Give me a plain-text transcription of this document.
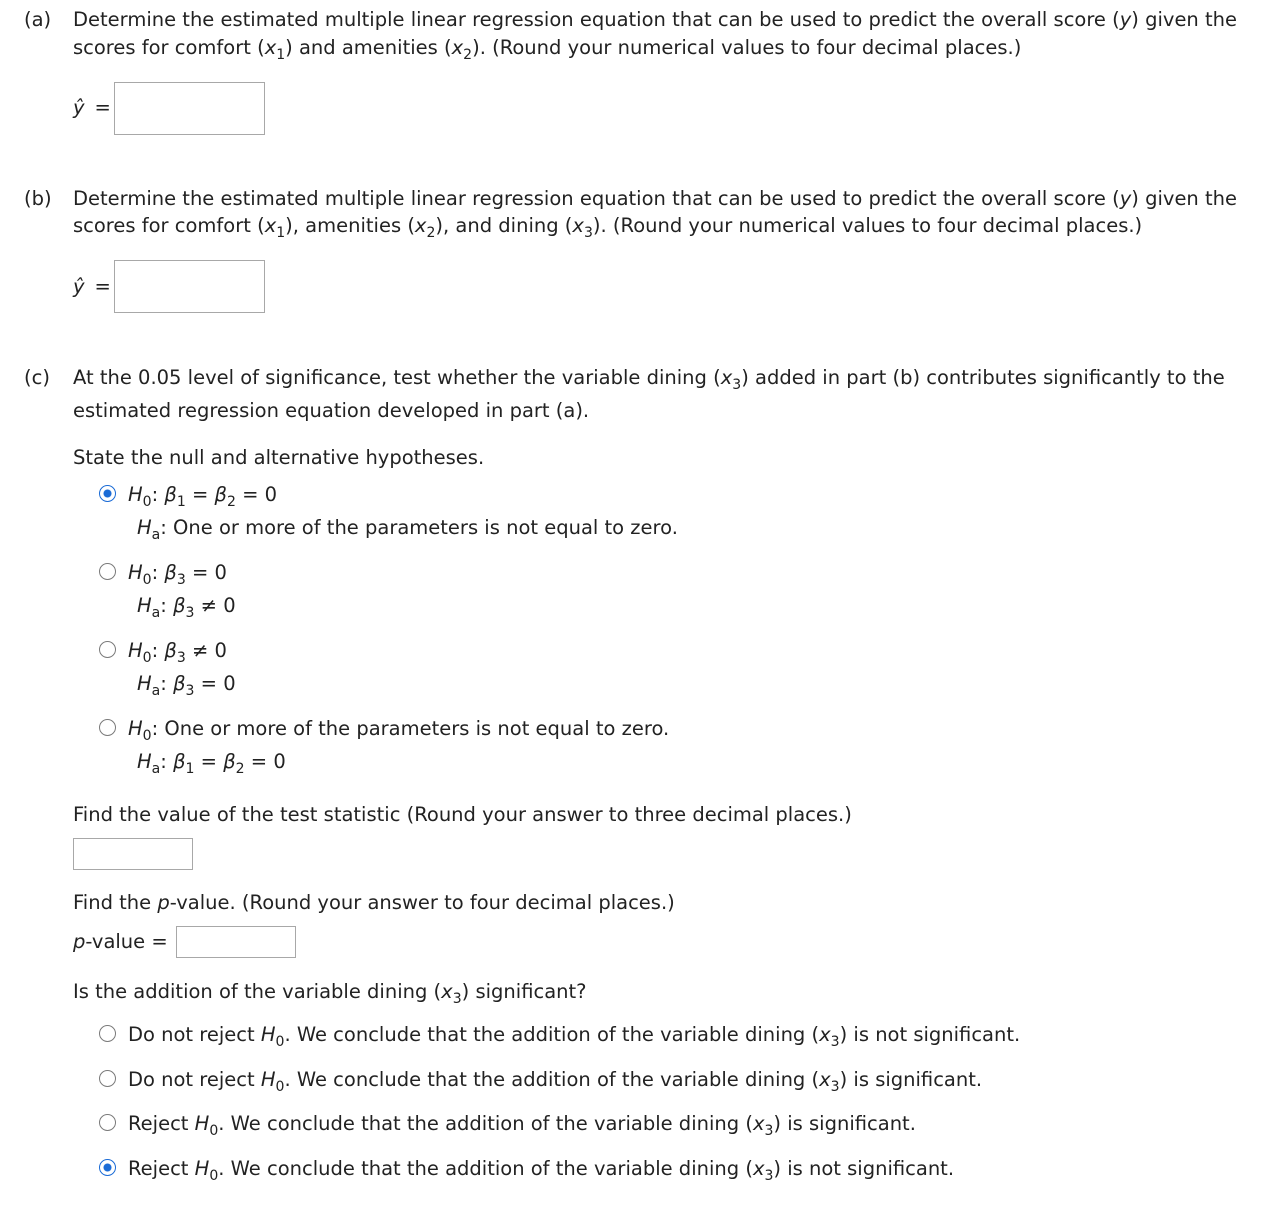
(a) Determine the estimated multiple linear regression equation that can be used to predict the overall score (y) given the
scores for comfort $(x_1)$ and amenities $(x_2)$. (Round your numerical values to four decimal places.)
ŷ =
(b) Determine the estimated multiple linear regression equation that can be used to predict the overall score (y) given the
scores for comfort $(x_1)$, amenities $(x_2)$, and dining $(x_3)$. (Round your numerical values to four decimal places.)
ŷ =
(c) At the 0.05 level of significance, test whether the variable dining $(x_3)$ added in part (b) contributes significantly to the
estimated regression equation developed in part (a).
State the null and alternative hypotheses.
$H_0$: $\beta_1 = \beta_2 = 0$
$H_a$: One or more of the parameters is not equal to zero.
$H_0$: $\beta_3 = 0$
$H_a$: $\beta_3 \ne 0$
$H_0$: $\beta_3 \ne 0$
$H_a$: $\beta_3 = 0$
$H_0$: One or more of the parameters is not equal to zero.
$H_a$: $\beta_1 = \beta_2 = 0$
Find the value of the test statistic (Round your answer to three decimal places.)
Find the p-value. (Round your answer to four decimal places.)
p-value =
Is the addition of the variable dining $(x_3)$ significant?
Do not reject $H_0$. We conclude that the addition of the variable dining $(x_3)$ is not significant.
Do not reject $H_0$. We conclude that the addition of the variable dining $(x_3)$ is significant.
Reject $H_0$. We conclude that the addition of the variable dining $(x_3)$ is significant.
Reject $H_0$. We conclude that the addition of the variable dining $(x_3)$ is not significant.
